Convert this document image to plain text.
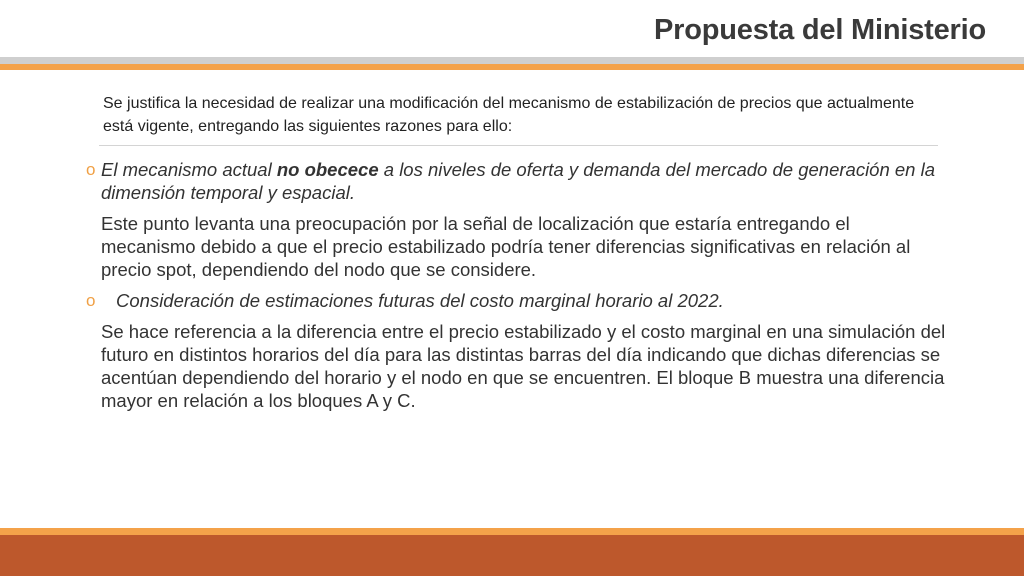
Propuesta del Ministerio

Se justifica la necesidad de realizar una modificación del mecanismo de estabilización de precios que actualmente está vigente, entregando las siguientes razones para ello:

o El mecanismo actual no obecece a los niveles de oferta y demanda del mercado de generación en la dimensión temporal y espacial.

Este punto levanta una preocupación por la señal de localización que estaría entregando el mecanismo debido a que el precio estabilizado podría tener diferencias significativas en relación al precio spot, dependiendo del nodo que se considere.

o Consideración de estimaciones futuras del costo marginal horario al 2022.

Se hace referencia a la diferencia entre el precio estabilizado y el costo marginal en una simulación del futuro en distintos horarios del día para las distintas barras del día indicando que dichas diferencias se acentúan dependiendo del horario y el nodo en que se encuentren. El bloque B muestra una diferencia mayor en relación a los bloques A y C.
